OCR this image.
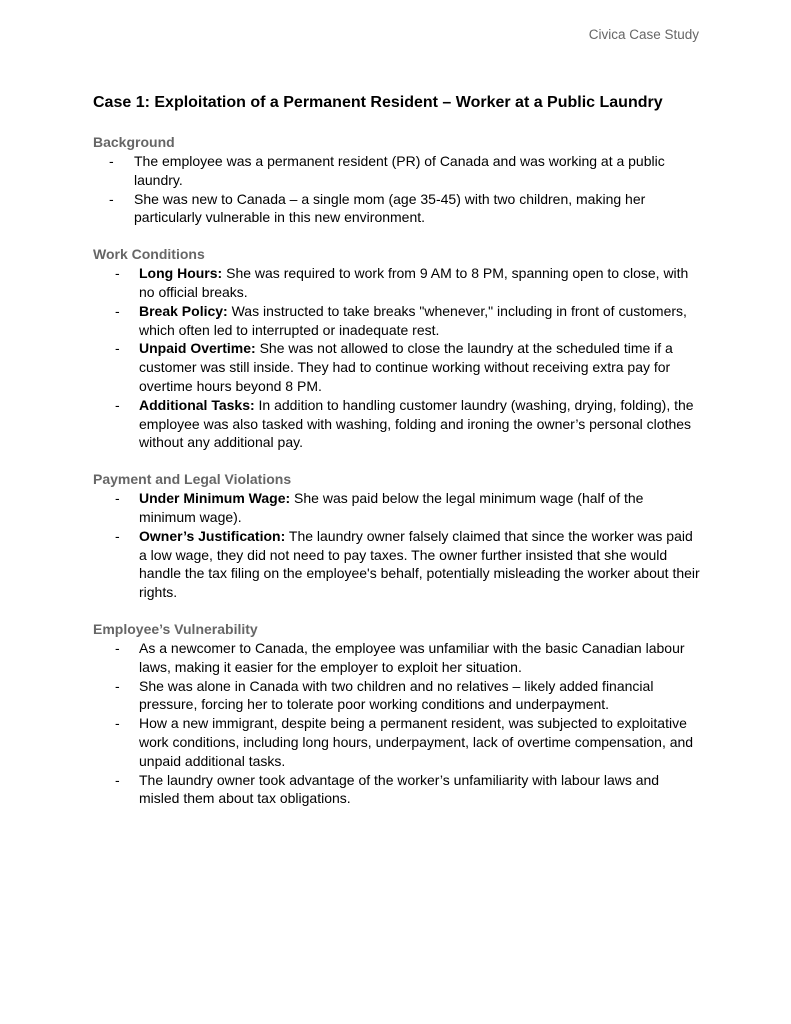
Civica Case Study
Case 1: Exploitation of a Permanent Resident – Worker at a Public Laundry
Background
- The employee was a permanent resident (PR) of Canada and was working at a public laundry.
- She was new to Canada – a single mom (age 35-45) with two children, making her particularly vulnerable in this new environment.
Work Conditions
- Long Hours: She was required to work from 9 AM to 8 PM, spanning open to close, with no official breaks.
- Break Policy: Was instructed to take breaks "whenever," including in front of customers, which often led to interrupted or inadequate rest.
- Unpaid Overtime: She was not allowed to close the laundry at the scheduled time if a customer was still inside. They had to continue working without receiving extra pay for overtime hours beyond 8 PM.
- Additional Tasks: In addition to handling customer laundry (washing, drying, folding), the employee was also tasked with washing, folding and ironing the owner’s personal clothes without any additional pay.
Payment and Legal Violations
- Under Minimum Wage: She was paid below the legal minimum wage (half of the minimum wage).
- Owner’s Justification: The laundry owner falsely claimed that since the worker was paid a low wage, they did not need to pay taxes. The owner further insisted that she would handle the tax filing on the employee's behalf, potentially misleading the worker about their rights.
Employee’s Vulnerability
- As a newcomer to Canada, the employee was unfamiliar with the basic Canadian labour laws, making it easier for the employer to exploit her situation.
- She was alone in Canada with two children and no relatives – likely added financial pressure, forcing her to tolerate poor working conditions and underpayment.
- How a new immigrant, despite being a permanent resident, was subjected to exploitative work conditions, including long hours, underpayment, lack of overtime compensation, and unpaid additional tasks.
- The laundry owner took advantage of the worker’s unfamiliarity with labour laws and misled them about tax obligations.
